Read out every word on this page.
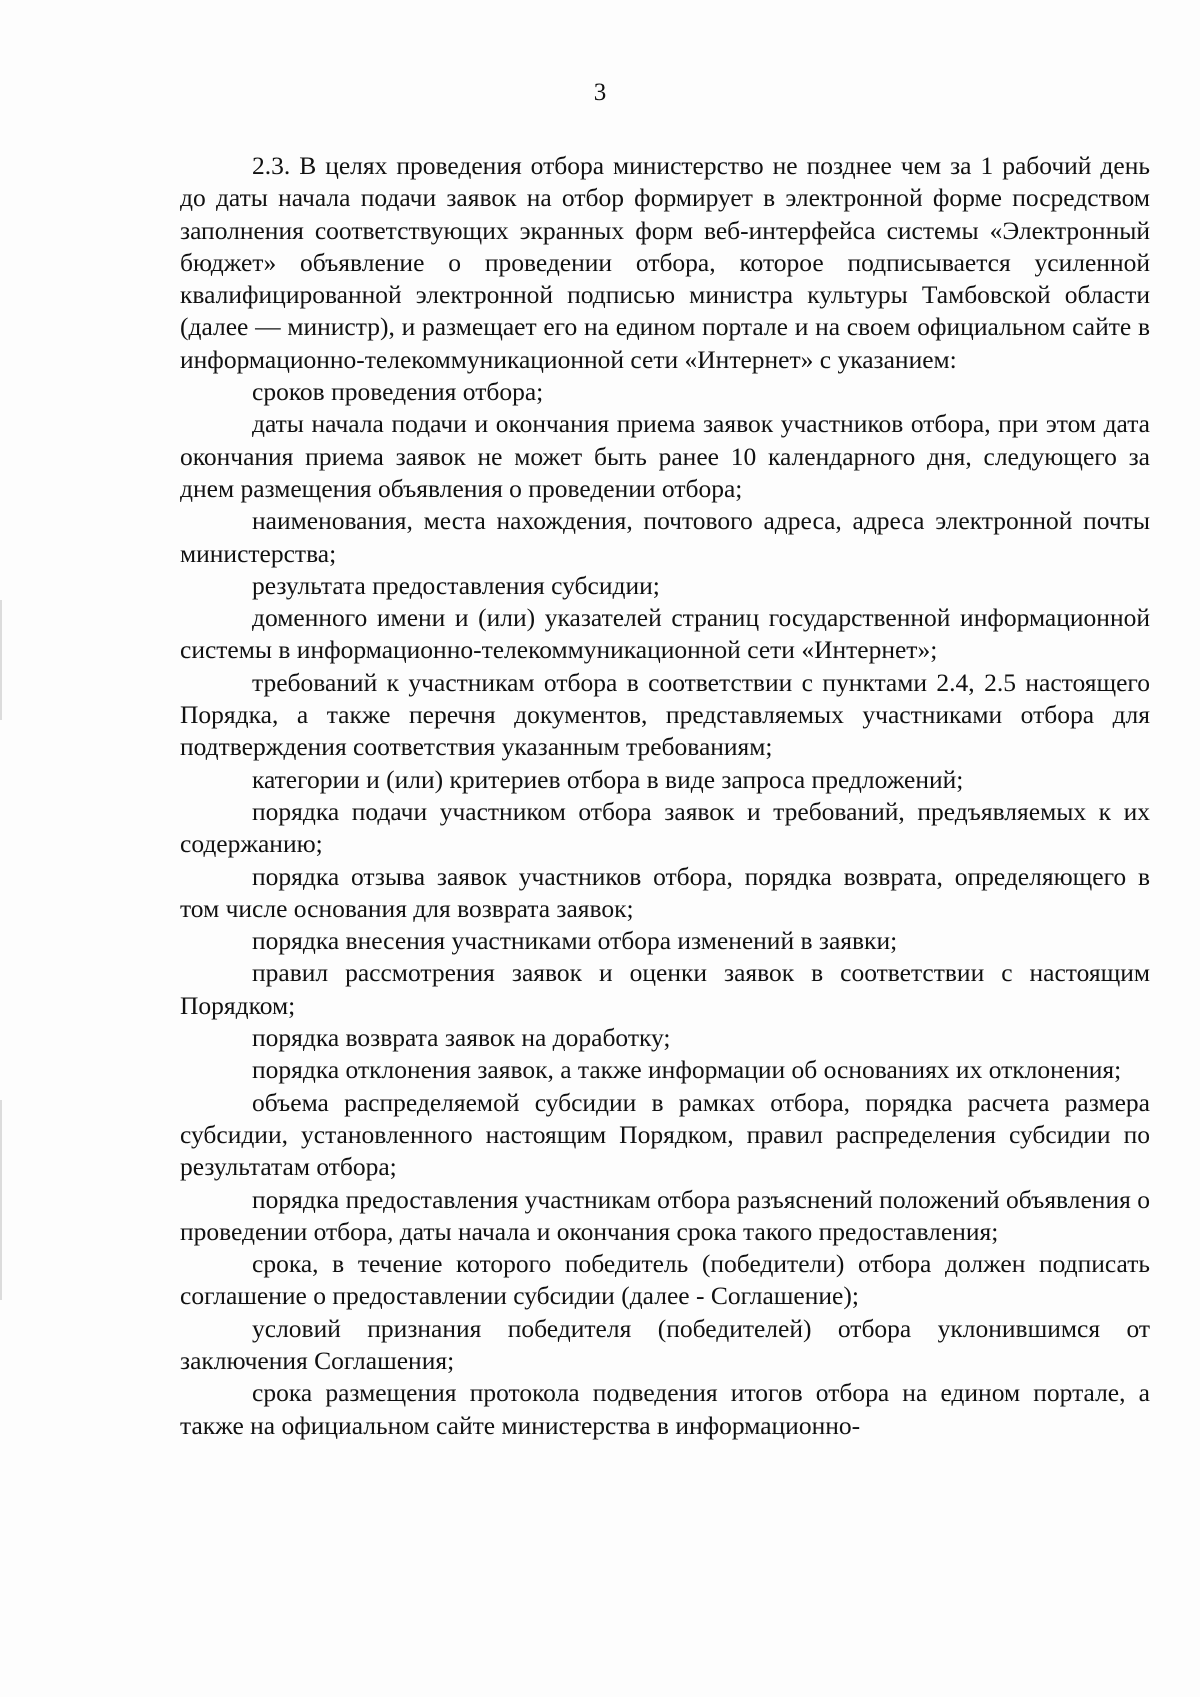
3

2.3. В целях проведения отбора министерство не позднее чем за 1 рабочий день до даты начала подачи заявок на отбор формирует в электронной форме посредством заполнения соответствующих экранных форм веб-интерфейса системы «Электронный бюджет» объявление о проведении отбора, которое подписывается усиленной квалифицированной электронной подписью министра культуры Тамбовской области (далее — министр), и размещает его на едином портале и на своем официальном сайте в информационно-телекоммуникационной сети «Интернет» с указанием:

сроков проведения отбора;

даты начала подачи и окончания приема заявок участников отбора, при этом дата окончания приема заявок не может быть ранее 10 календарного дня, следующего за днем размещения объявления о проведении отбора;

наименования, места нахождения, почтового адреса, адреса электронной почты министерства;

результата предоставления субсидии;

доменного имени и (или) указателей страниц государственной информационной системы в информационно-телекоммуникационной сети «Интернет»;

требований к участникам отбора в соответствии с пунктами 2.4, 2.5 настоящего Порядка, а также перечня документов, представляемых участниками отбора для подтверждения соответствия указанным требованиям;

категории и (или) критериев отбора в виде запроса предложений;

порядка подачи участником отбора заявок и требований, предъявляемых к их содержанию;

порядка отзыва заявок участников отбора, порядка возврата, определяющего в том числе основания для возврата заявок;

порядка внесения участниками отбора изменений в заявки;

правил рассмотрения заявок и оценки заявок в соответствии с настоящим Порядком;

порядка возврата заявок на доработку;

порядка отклонения заявок, а также информации об основаниях их отклонения;

объема распределяемой субсидии в рамках отбора, порядка расчета размера субсидии, установленного настоящим Порядком, правил распределения субсидии по результатам отбора;

порядка предоставления участникам отбора разъяснений положений объявления о проведении отбора, даты начала и окончания срока такого предоставления;

срока, в течение которого победитель (победители) отбора должен подписать соглашение о предоставлении субсидии (далее - Соглашение);

условий признания победителя (победителей) отбора уклонившимся от заключения Соглашения;

срока размещения протокола подведения итогов отбора на едином портале, а также на официальном сайте министерства в информационно-
